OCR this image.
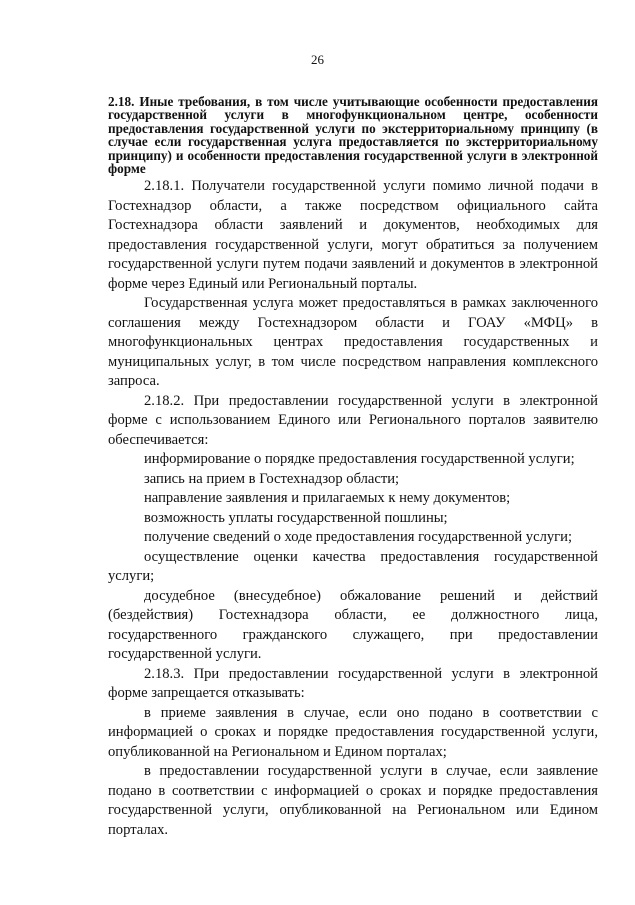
26

2.18. Иные требования, в том числе учитывающие особенности предоставления государственной услуги в многофункциональном центре, особенности предоставления государственной услуги по экстерриториальному принципу (в случае если государственная услуга предоставляется по экстерриториальному принципу) и особенности предоставления государственной услуги в электронной форме

2.18.1. Получатели государственной услуги помимо личной подачи в Гостехнадзор области, а также посредством официального сайта Гостехнадзора области заявлений и документов, необходимых для предоставления государственной услуги, могут обратиться за получением государственной услуги путем подачи заявлений и документов в электронной форме через Единый или Региональный порталы.

Государственная услуга может предоставляться в рамках заключенного соглашения между Гостехнадзором области и ГОАУ «МФЦ» в многофункциональных центрах предоставления государственных и муниципальных услуг, в том числе посредством направления комплексного запроса.

2.18.2. При предоставлении государственной услуги в электронной форме с использованием Единого или Регионального порталов заявителю обеспечивается:

информирование о порядке предоставления государственной услуги;

запись на прием в Гостехнадзор области;

направление заявления и прилагаемых к нему документов;

возможность уплаты государственной пошлины;

получение сведений о ходе предоставления государственной услуги;

осуществление оценки качества предоставления государственной услуги;

досудебное (внесудебное) обжалование решений и действий (бездействия) Гостехнадзора области, ее должностного лица, государственного гражданского служащего, при предоставлении государственной услуги.

2.18.3. При предоставлении государственной услуги в электронной форме запрещается отказывать:

в приеме заявления в случае, если оно подано в соответствии с информацией о сроках и порядке предоставления государственной услуги, опубликованной на Региональном и Едином порталах;

в предоставлении государственной услуги в случае, если заявление подано в соответствии с информацией о сроках и порядке предоставления государственной услуги, опубликованной на Региональном или Едином порталах.
